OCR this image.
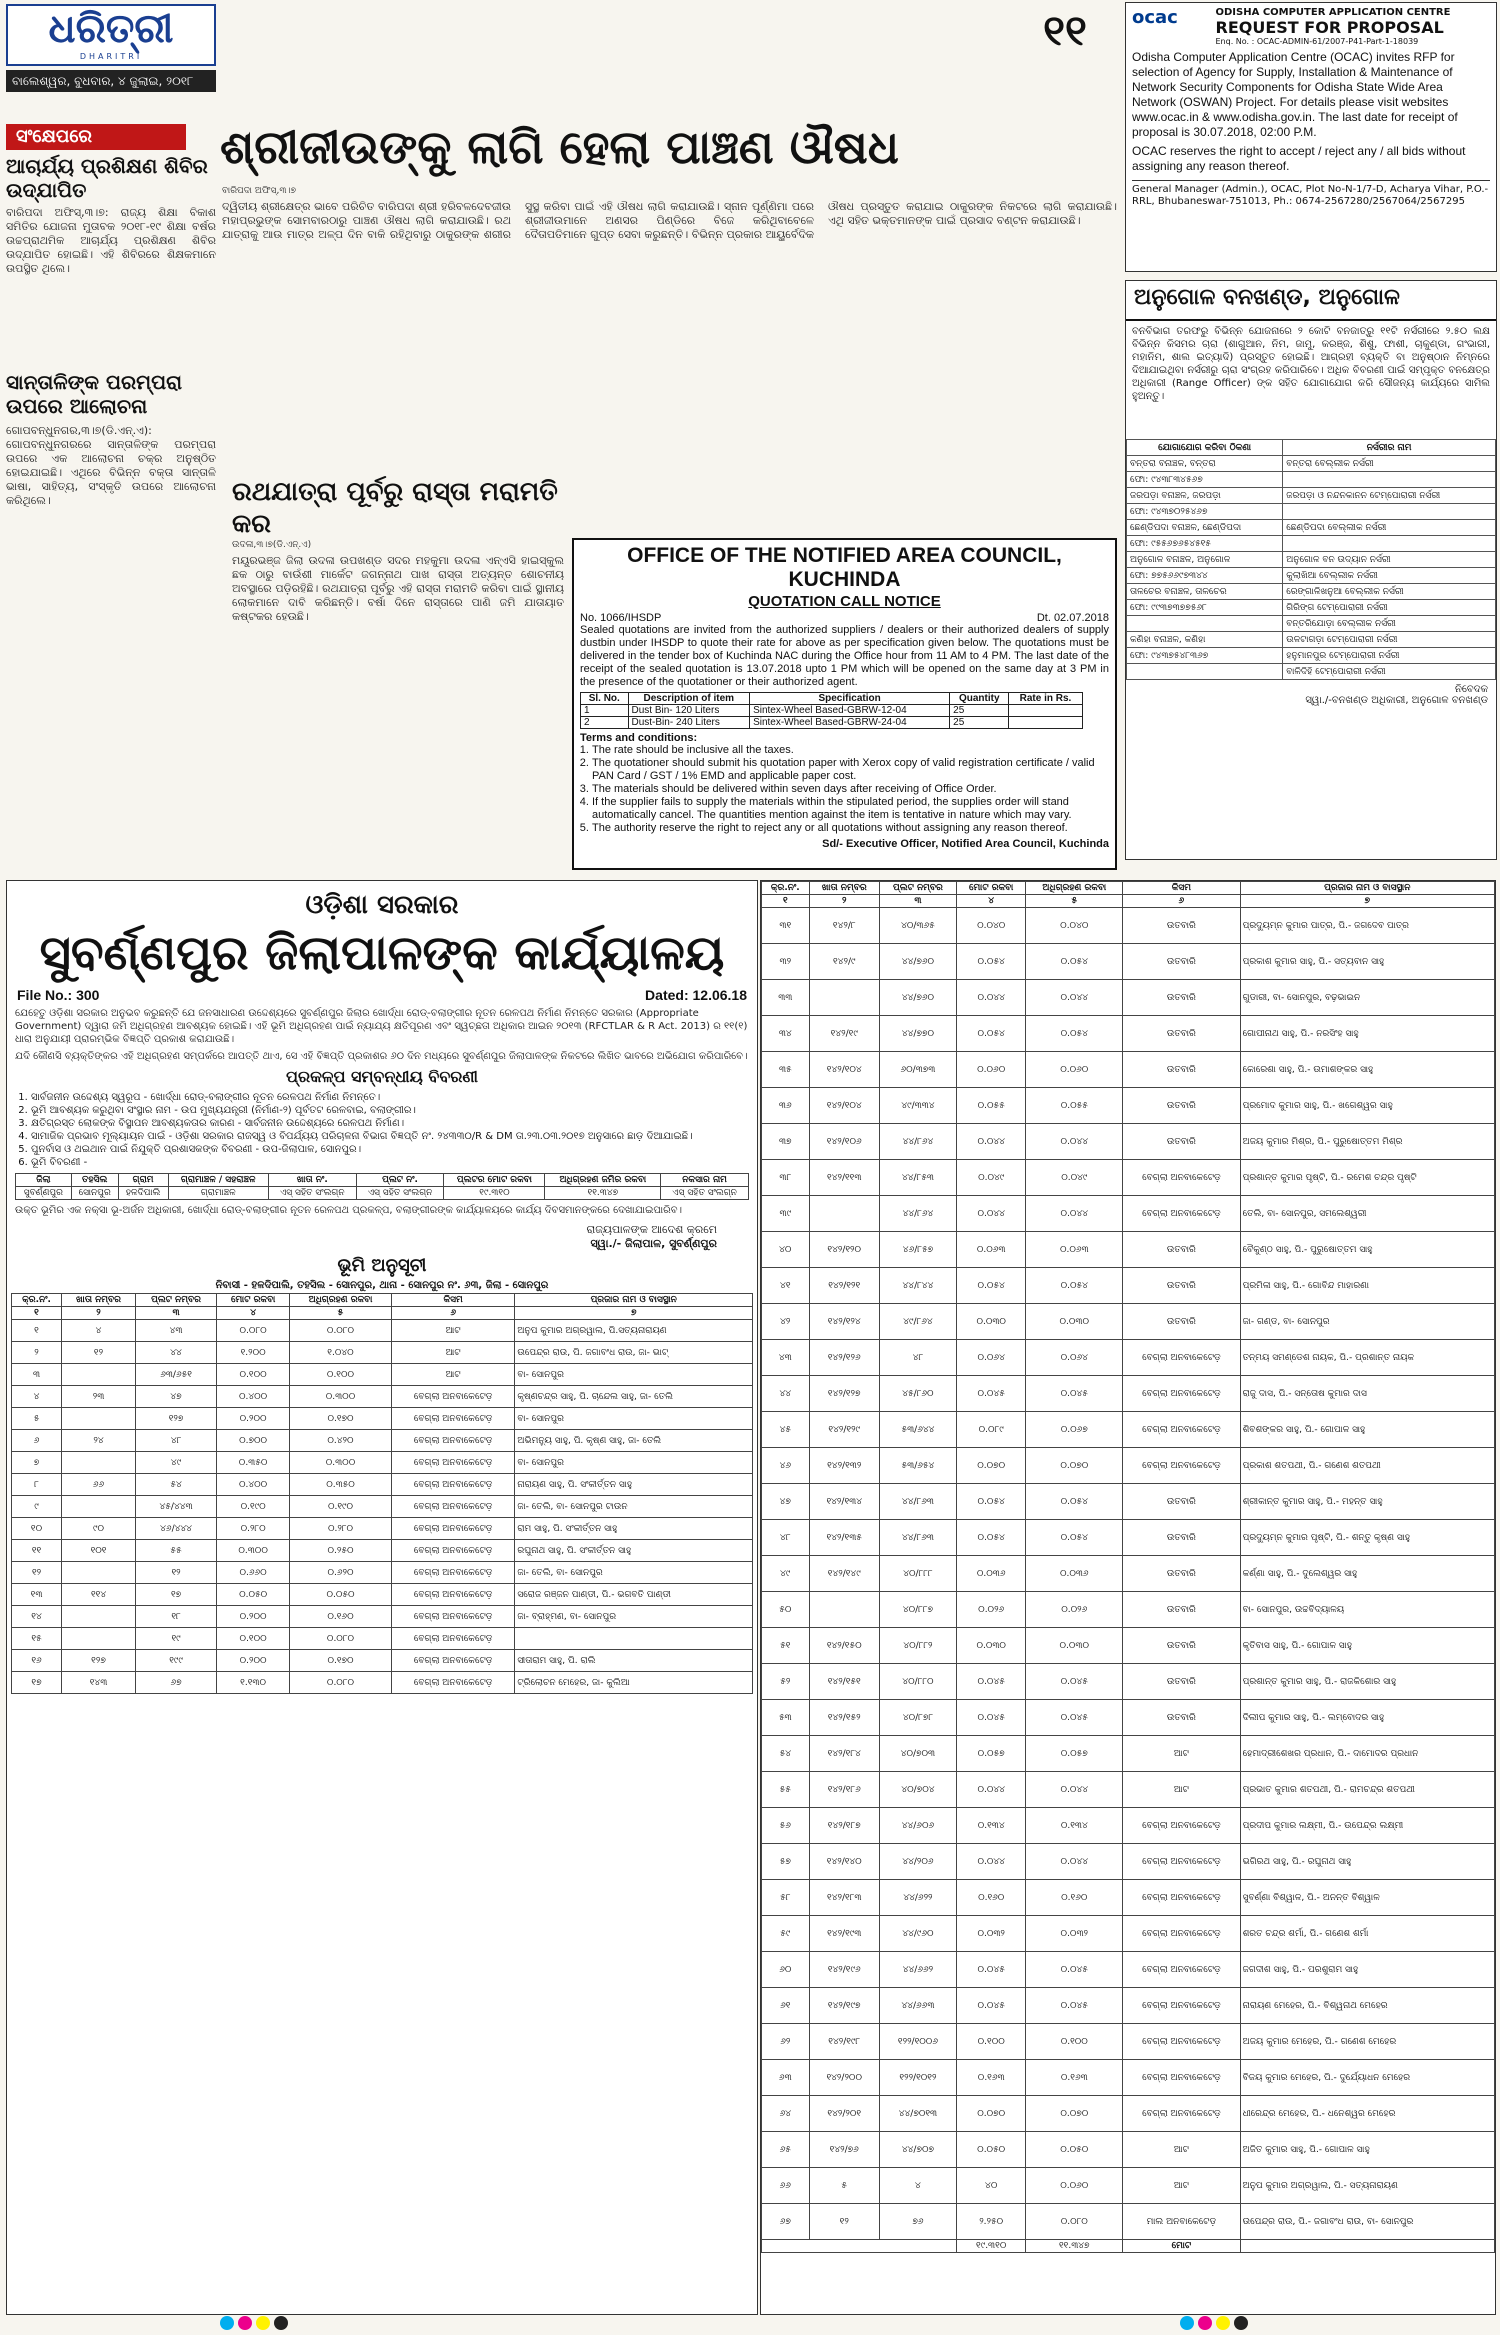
ଧରିତ୍ରୀ
DHARITRI
ବାଲେଶ୍ୱର, ବୁଧବାର, ୪ ଜୁଲାଇ, ୨୦୧୮
୧୧	ocac	ODISHA COMPUTER APPLICATION CENTRE
REQUEST FOR PROPOSAL
Enq. No. : OCAC-ADMIN-61/2007-P41-Part-1-18039

Odisha Computer Application Centre (OCAC) invites RFP for selection of Agency for Supply, Installation & Maintenance of Network Security Components for Odisha State Wide Area Network (OSWAN) Project. For details please visit websites www.ocac.in & www.odisha.gov.in. The last date for receipt of proposal is 30.07.2018, 02:00 P.M.

OCAC reserves the right to accept / reject any / all bids without assigning any reason thereof.

General Manager (Admin.), OCAC, Plot No-N-1/7-D, Acharya Vihar, P.O.-RRL, Bhubaneswar-751013, Ph.: 0674-2567280/2567064/2567295
ସଂକ୍ଷେପରେ	ଶ୍ରୀଜୀଉଙ୍କୁ ଲାଗି ହେଲା ପାଞ୍ଚଣ ଔଷଧ
ଆଚାର୍ଯ୍ୟ ପ୍ରଶିକ୍ଷଣ ଶିବିର ଉଦ୍‌ଯାପିତ
ବାରିପଦା ଅଫିସ୍‌,୩।୭: ରାଜ୍ୟ ଶିକ୍ଷା ବିକାଶ ସମିତିର ଯୋଜନା ମୁତାବକ ୨୦୧୮-୧୯ ଶିକ୍ଷା ବର୍ଷର ଉଚ୍ଚପ୍ରାଥମିକ ଆଚାର୍ଯ୍ୟ ପ୍ରଶିକ୍ଷଣ ଶିବିର ଉଦ୍‌ଯାପିତ ହୋଇଛି। ଏହି ଶିବିରରେ ଶିକ୍ଷକମାନେ ଉପସ୍ଥିତ ଥିଲେ।
ସାନ୍ତାଳିଙ୍କ ପରମ୍ପରା ଉପରେ ଆଲୋଚନା
ଗୋପବନ୍ଧୁନଗର,୩।୭(ଡି.ଏନ୍‌.ଏ): ଗୋପବନ୍ଧୁନଗରରେ ସାନ୍ତାଳିଙ୍କ ପରମ୍ପରା ଉପରେ ଏକ ଆଲୋଚନା ଚକ୍ର ଅନୁଷ୍ଠିତ ହୋଇଯାଇଛି। ଏଥିରେ ବିଭିନ୍ନ ବକ୍ତା ସାନ୍ତାଳି ଭାଷା, ସାହିତ୍ୟ, ସଂସ୍କୃତି ଉପରେ ଆଲୋଚନା କରିଥିଲେ।
ବାରିପଦା ଅଫିସ୍‌,୩।୭
ଦ୍ୱିତୀୟ ଶ୍ରୀକ୍ଷେତ୍ର ଭାବେ ପରିଚିତ ବାରିପଦା ଶ୍ରୀ ହରିବଳଦେବଜୀଉ ମହାପ୍ରଭୁଙ୍କ ସୋମବାରଠାରୁ ପାଞ୍ଚଣ ଔଷଧ ଲାଗି କରାଯାଉଛି। ରଥ ଯାତ୍ରାକୁ ଆଉ ମାତ୍ର ଅଳ୍ପ ଦିନ ବାକି ରହିଥିବାରୁ ଠାକୁରଙ୍କ ଶରୀର ସୁସ୍ଥ କରିବା ପାଇଁ ଏହି ଔଷଧ ଲାଗି କରାଯାଉଛି। ସ୍ନାନ ପୂର୍ଣ୍ଣିମା ପରେ ଶ୍ରୀଜୀଉମାନେ ଅଣସର ପିଣ୍ଡିରେ ବିଜେ କରିଥିବାବେଳେ ଦୈତାପତିମାନେ ଗୁପ୍ତ ସେବା କରୁଛନ୍ତି। ବିଭିନ୍ନ ପ୍ରକାର ଆୟୁର୍ବେଦିକ ଔଷଧ ପ୍ରସ୍ତୁତ କରାଯାଇ ଠାକୁରଙ୍କ ନିକଟରେ ଲାଗି କରାଯାଉଛି। ଏଥି ସହିତ ଭକ୍ତମାନଙ୍କ ପାଇଁ ପ୍ରସାଦ ବଣ୍ଟନ କରାଯାଉଛି।
ରଥଯାତ୍ରା ପୂର୍ବରୁ ରାସ୍ତା ମରାମତି କର
ଉଦଳା,୩।୭(ଡି.ଏନ୍‌.ଏ)
ମୟୂରଭଞ୍ଜ ଜିଲା ଉଦଳା ଉପଖଣ୍ଡ ସଦର ମହକୁମା ଉଦଳା ଏନ୍‌ଏସି ହାଇସ୍କୁଲ ଛକ ଠାରୁ ବାଉଁଶୀ ମାର୍କେଟ ଜଗନ୍ନାଥ ପାଖ ରାସ୍ତା ଅତ୍ୟନ୍ତ ଶୋଚନୀୟ ଅବସ୍ଥାରେ ପଡ଼ିରହିଛି। ରଥଯାତ୍ରା ପୂର୍ବରୁ ଏହି ରାସ୍ତା ମରାମତି କରିବା ପାଇଁ ସ୍ଥାନୀୟ ଲୋକମାନେ ଦାବି କରିଛନ୍ତି। ବର୍ଷା ଦିନେ ରାସ୍ତାରେ ପାଣି ଜମି ଯାତାୟାତ କଷ୍ଟକର ହେଉଛି।
OFFICE OF THE NOTIFIED AREA COUNCIL, KUCHINDA
QUOTATION CALL NOTICE
No. 1066/IHSDP	Dt. 02.07.2018

Sealed quotations are invited from the authorized suppliers / dealers or their authorized dealers of supply dustbin under IHSDP to quote their rate for above as per specification given below. The quotations must be delivered in the tender box of Kuchinda NAC during the Office hour from 11 AM to 4 PM. The last date of the receipt of the sealed quotation is 13.07.2018 upto 1 PM which will be opened on the same day at 3 PM in the presence of the quotationer or their authorized agent.

Sl. No.	Description of item	Specification	Quantity	Rate in Rs.
1	Dust Bin- 120 Liters	Sintex-Wheel Based-GBRW-12-04	25	
2	Dust-Bin- 240 Liters	Sintex-Wheel Based-GBRW-24-04	25	
Terms and conditions:
1. The rate should be inclusive all the taxes.
2. The quotationer should submit his quotation paper with Xerox copy of valid registration certificate / valid PAN Card / GST / 1% EMD and applicable paper cost.
3. The materials should be delivered within seven days after receiving of Office Order.
4. If the supplier fails to supply the materials within the stipulated period, the supplies order will stand automatically cancel. The quantities mention against the item is tentative in nature which may vary.
5. The authority reserve the right to reject any or all quotations without assigning any reason thereof.
Sd/- Executive Officer, Notified Area Council, Kuchinda
ଅନୁଗୋଳ ବନଖଣ୍ଡ, ଅନୁଗୋଳ
ବନବିଭାଗ ତରଫରୁ ବିଭିନ୍ନ ଯୋଜନାରେ ୨ କୋଟି ବନଜାତ୍ରୁ ୧୧ଟି ନର୍ସରୀରେ ୨.୫୦ ଲକ୍ଷ ବିଭିନ୍ନ କିସମର ଚାରା (ଶାଗୁଆନ, ନିମ, ଜାମୁ, କରଞ୍ଜ, ଶିଶୁ, ଫାଶୀ, ଚାକୁଣ୍ଡା, ଗଂଭାରୀ, ମହାନିମ, ଶାଲ ଇତ୍ୟାଦି) ପ୍ରସ୍ତୁତ ହୋଇଛି। ଆଗ୍ରହୀ ବ୍ୟକ୍ତି ବା ଅନୁଷ୍ଠାନ ନିମ୍ନରେ ଦିଆଯାଇଥିବା ନର୍ସରୀରୁ ଚାରା ସଂଗ୍ରହ କରିପାରିବେ। ଅଧିକ ବିବରଣୀ ପାଇଁ ସମ୍ପୃକ୍ତ ବନକ୍ଷେତ୍ର ଅଧିକାରୀ (Range Officer) ଙ୍କ ସହିତ ଯୋଗାଯୋଗ କରି ସୌଜନ୍ୟ କାର୍ଯ୍ୟରେ ସାମିଲ ହୁଅନ୍ତୁ।
ଯୋଗାଯୋଗ କରିବା ଠିକଣା	ନର୍ସରୀର ନାମ
ବନ୍ତରା ବନାଞ୍ଚଳ, ବନ୍ତରା	ବନ୍ତରା ବେଲ୍ଲୀକ ନର୍ସରୀ
ଫୋ: ୯୪୩୮୩୪୫୬୭	
ଜରପଡ଼ା ବନାଞ୍ଚଳ, ଜରପଡ଼ା	ଜରପଡ଼ା ଓ ନନ୍ଦନକାନନ ଟେମ୍ପୋରାରୀ ନର୍ସରୀ
ଫୋ: ୯୪୩୭୦୨୫୪୬୭	
ଛେଣ୍ଡିପଦା ବନାଞ୍ଚଳ, ଛେଣ୍ଡିପଦା	ଛେଣ୍ଡିପଦା ବେଲ୍ଲୀକ ନର୍ସରୀ
ଫୋ: ୯୫୫୬୭୬୫୪୫୧୫	
ଅନୁଗୋଳ ବନାଞ୍ଚଳ, ଅନୁଗୋଳ	ଅନୁଗୋଳ ବନ ଉଦ୍ୟାନ ନର୍ସରୀ
ଫୋ: ୭୭୫୬୬୯୭୩୪୪	କୁଲାଖିଆ ବେଲ୍ଲୀକ ନର୍ସରୀ
ତାଳଚେର ବନାଞ୍ଚଳ, ତାଳଚେର	ରେଙ୍ଗାଳିଖନୁଆ ବେଲ୍ଲୀକ ନର୍ସରୀ
ଫୋ: ୯୯୩୭୩୭୭୫୬୮	ଗିରିଙ୍ଗ ଟେମ୍ପୋରାରୀ ନର୍ସରୀ
	ବନ୍ତରିଯୋଡ଼ା ବେଲ୍ଲୀକ ନର୍ସରୀ
କଣିହା ବନାଞ୍ଚଳ, କଣିହା	ଉଳଟାଗଡ଼ା ଟେମ୍ପୋରାରୀ ନର୍ସରୀ
ଫୋ: ୯୪୩୭୫୪୮୩୬୭	ହନୁମାନପୁର ଟେମ୍ପୋରାରୀ ନର୍ସରୀ
	ବାଳିଦିହି ଟେମ୍ପୋରାରୀ ନର୍ସରୀ
ନିବେଦକ
ସ୍ୱା./-ବନଖଣ୍ଡ ଅଧିକାରୀ, ଅନୁଗୋଳ ବନଖଣ୍ଡ
ଓଡ଼ିଶା ସରକାର
ସୁବର୍ଣ୍ଣପୁର ଜିଲାପାଳଙ୍କ କାର୍ଯ୍ୟାଳୟ
File No.: 300	Dated: 12.06.18
ଯେହେତୁ ଓଡ଼ିଶା ସରକାର ଅନୁଭବ କରୁଛନ୍ତି ଯେ ଜନସାଧାରଣ ଉଦ୍ଦେଶ୍ୟରେ ସୁବର୍ଣ୍ଣପୁର ଜିଲାର ଖୋର୍ଦ୍ଧା ରୋଡ୍‌-ବଲାଙ୍ଗୀର ନୂତନ ରେଳପଥ ନିର୍ମାଣ ନିମନ୍ତେ ସରକାର (Appropriate Government) ଦ୍ୱାରା ଜମି ଅଧିଗ୍ରହଣ ଆବଶ୍ୟକ ହୋଇଛି। ଏହି ଭୂମି ଅଧିଗ୍ରହଣ ପାଇଁ ନ୍ୟାଯ୍ୟ କ୍ଷତିପୂରଣ ଏବଂ ସ୍ୱଚ୍ଛତା ଅଧିକାର ଆଇନ ୨୦୧୩ (RFCTLAR & R Act. 2013) ର ୧୧(୧) ଧାରା ଅନୁଯାୟୀ ପ୍ରାରମ୍ଭିକ ବିଜ୍ଞପ୍ତି ପ୍ରକାଶ କରାଯାଉଛି।
ଯଦି କୌଣସି ବ୍ୟକ୍ତିଙ୍କର ଏହି ଅଧିଗ୍ରହଣ ସମ୍ପର୍କରେ ଆପତ୍ତି ଥାଏ, ସେ ଏହି ବିଜ୍ଞପ୍ତି ପ୍ରକାଶର ୬୦ ଦିନ ମଧ୍ୟରେ ସୁବର୍ଣ୍ଣପୁର ଜିଲାପାଳଙ୍କ ନିକଟରେ ଲିଖିତ ଭାବରେ ଅଭିଯୋଗ କରିପାରିବେ।
ପ୍ରକଳ୍ପ ସମ୍ବନ୍ଧୀୟ ବିବରଣୀ
1. ସାର୍ବଜନୀନ ଉଦ୍ଦେଶ୍ୟ ସ୍ୱରୂପ - ଖୋର୍ଦ୍ଧା ରୋଡ୍‌-ବଲାଙ୍ଗୀର ନୂତନ ରେଳପଥ ନିର୍ମାଣ ନିମନ୍ତେ।
2. ଭୂମି ଆବଶ୍ୟକ କରୁଥିବା ସଂସ୍ଥାର ନାମ - ଉପ ମୁଖ୍ୟଯନ୍ତ୍ରୀ (ନିର୍ମାଣ-୨) ପୂର୍ବତଟ ରେଳବାଇ, ବଲାଙ୍ଗୀର।
3. କ୍ଷତିଗ୍ରସ୍ତ ଲୋକଙ୍କ ବିସ୍ଥାପନ ଆବଶ୍ୟକତାର କାରଣ - ସାର୍ବଜନୀନ ଉଦ୍ଦେଶ୍ୟରେ ରେଳପଥ ନିର୍ମାଣ।
4. ସାମାଜିକ ପ୍ରଭାବ ମୂଲ୍ୟାୟନ ପାଇଁ - ଓଡ଼ିଶା ସରକାର ରାଜସ୍ୱ ଓ ବିପର୍ଯ୍ୟୟ ପରିଚାଳନା ବିଭାଗ ବିଜ୍ଞପ୍ତି ନଂ. ୨୪୩୩୦/R & DM ତା.୨୩.୦୩.୨୦୧୭ ଅନୁସାରେ ଛାଡ଼ ଦିଆଯାଇଛି।
5. ପୁନର୍ବାସ ଓ ଥଇଥାନ ପାଇଁ ନିଯୁକ୍ତି ପ୍ରଶାସକଙ୍କ ବିବରଣୀ - ଉପ-ଜିଲାପାଳ, ସୋନପୁର।
6. ଭୂମି ବିବରଣୀ -
ଜିଲା	ତହସିଲ	ଗ୍ରାମ	ଗ୍ରାମାଞ୍ଚଳ / ସହରାଞ୍ଚଳ	ଖାତା ନଂ.	ପ୍ଲଟ ନଂ.	ପ୍ଲଟର ମୋଟ ରକବା	ଅଧିଗ୍ରହଣ ଜମିର ରକବା	ନକସାର ନାମ
ସୁବର୍ଣ୍ଣପୁର	ସୋନପୁର	ହଳଦିପାଲି	ଗ୍ରାମାଞ୍ଚଳ	ଏସ୍ ସହିତ ସଂଲଗ୍ନ	ଏସ୍ ସହିତ ସଂଲଗ୍ନ	୧୯.୩୧୦	୧୧.୩୪୭	ଏସ୍ ସହିତ ସଂଲଗ୍ନ
ଉକ୍ତ ଭୂମିର ଏକ ନକ୍ସା ଭୂ-ଅର୍ଜନ ଅଧିକାରୀ, ଖୋର୍ଦ୍ଧା ରୋଡ୍‌-ବଲାଙ୍ଗୀର ନୂତନ ରେଳପଥ ପ୍ରକଳ୍ପ, ବଲାଙ୍ଗୀରଙ୍କ କାର୍ଯ୍ୟାଳୟରେ କାର୍ଯ୍ୟ ଦିବସମାନଙ୍କରେ ଦେଖାଯାଇପାରିବ।
ରାଜ୍ୟପାଳଙ୍କ ଆଦେଶ କ୍ରମେ
ସ୍ୱା./- ଜିଲାପାଳ, ସୁବର୍ଣ୍ଣପୁର
ଭୂମି ଅନୁସୂଚୀ
ନିବାସୀ - ହଳଦିପାଲି, ତହସିଲ - ସୋନପୁର, ଥାନା - ସୋନପୁର ନଂ. ୬୩, ଜିଲା - ସୋନପୁର
କ୍ର.ନଂ.	ଖାତା ନମ୍ବର	ପ୍ଲଟ ନମ୍ବର	ମୋଟ ରକବା	ଅଧିଗ୍ରହଣ ରକବା	କିସମ	ପ୍ରଜାର ନାମ ଓ ବାସସ୍ଥାନ
୧	୨	୩	୪	୫	୬	୭
୧	୪	୪୩	୦.୦୮୦	୦.୦୮୦	ଆଟ	ଅନୁପ କୁମାର ଅଗ୍ରୱାଲ, ପି.ସତ୍ୟନାରାୟଣ
୨	୧୨	୪୪	୧.୨୦୦	୧.୦୪୦	ଆଟ	ଉପେନ୍ଦ୍ର ରାଉ, ପି. ଜଗାବଂଧ ରାଉ, ଜା- ଭାଟ୍
୩		୬୩/୬୫୧	୦.୧୦୦	୦.୧୦୦	ଆଟ	ବା- ସୋନପୁର
୪	୨୩	୪୭	୦.୪୦୦	୦.୩୦୦	ବେଗ୍ଲା ଅନବାକେଟେଡ଼	କୃଷ୍ଣଚନ୍ଦ୍ର ସାହୁ, ପି. ଚାନ୍ଦେଲ ସାହୁ, ଜା- ତେଲି
୫		୧୨୭	୦.୨୦୦	୦.୧୭୦	ବେଗ୍ଲା ଅନବାକେଟେଡ଼	ବା- ସୋନପୁର
୬	୨୪	୪୮	୦.୭୦୦	୦.୪୨୦	ବେଗ୍ଲା ଅନବାକେଟେଡ଼	ଅଭିମନ୍ୟୁ ସାହୁ, ପି. କୃଷ୍ଣ ସାହୁ, ଜା- ତେଲି
୭		୪୯	୦.୩୫୦	୦.୩୦୦	ବେଗ୍ଲା ଅନବାକେଟେଡ଼	ବା- ସୋନପୁର
୮	୬୬	୫୪	୦.୪୦୦	୦.୩୫୦	ବେଗ୍ଲା ଅନବାକେଟେଡ଼	ନାରାୟଣ ସାହୁ, ପି. ସଂକୀର୍ତ୍ତନ ସାହୁ
୯		୪୫/୪୪୩	୦.୧୯୦	୦.୧୯୦	ବେଗ୍ଲା ଅନବାକେଟେଡ଼	ଜା- ତେଲି, ବା- ସୋନପୁର ଟାଉନ
୧୦	୯୦	୪୬/୪୪୪	୦.୨୮୦	୦.୨୮୦	ବେଗ୍ଲା ଅନବାକେଟେଡ଼	ରାମ ସାହୁ, ପି. ସଂକୀର୍ତ୍ତନ ସାହୁ
୧୧	୧୦୧	୫୫	୦.୩୦୦	୦.୨୫୦	ବେଗ୍ଲା ଅନବାକେଟେଡ଼	ରଘୁନାଥ ସାହୁ, ପି. ସଂକୀର୍ତ୍ତନ ସାହୁ
୧୨		୧୨	୦.୬୬୦	୦.୬୨୦	ବେଗ୍ଲା ଅନବାକେଟେଡ଼	ଜା- ତେଲି, ବା- ସୋନପୁର
୧୩	୧୧୪	୧୭	୦.୦୫୦	୦.୦୫୦	ବେଗ୍ଲା ଅନବାକେଟେଡ଼	ସରୋଜ ରଞ୍ଜନ ପାଣ୍ଡୀ, ପି.- ଭଗବତି ପାଣ୍ଡୀ
୧୪		୧୮	୦.୨୦୦	୦.୧୬୦	ବେଗ୍ଲା ଅନବାକେଟେଡ଼	ଜା- ବ୍ରାହ୍ମଣ, ବା- ସୋନପୁର
୧୫		୧୯	୦.୧୦୦	୦.୦୮୦	ବେଗ୍ଲା ଅନବାକେଟେଡ଼	
୧୬	୧୨୭	୧୯୯	୦.୨୦୦	୦.୧୭୦	ବେଗ୍ଲା ଅନବାକେଟେଡ଼	ସୀତାରାମ ସାହୁ, ପି. ରାଲି
୧୭	୧୪୩	୬୭	୧.୧୩୦	୦.୦୮୦	ବେଗ୍ଲା ଅନବାକେଟେଡ଼	ଟ୍ରିଲୋଚନ ମେହେର, ଜା- କୁଲିଆ
କ୍ର.ନଂ.	ଖାତା ନମ୍ବର	ପ୍ଲଟ ନମ୍ବର	ମୋଟ ରକବା	ଅଧିଗ୍ରହଣ ରକବା	କିସମ	ପ୍ରଜାର ନାମ ଓ ବାସସ୍ଥାନ
୧	୨	୩	୪	୫	୬	୭
୩୧	୧୪୨/୮	୪୦/୩୬୫	୦.୦୪୦	୦.୦୪୦	ଉତବାରି	ପ୍ରଦ୍ୟୁମ୍ନ କୁମାର ପାତ୍ର, ପି.- ଜଗଦେବ ପାତ୍ର
୩୨	୧୪୨/୯	୪୪/୭୬୦	୦.୦୫୪	୦.୦୫୪	ଉତବାରି	ପ୍ରକାଶ କୁମାର ସାହୁ, ପି.- ସତ୍ୟବାନ ସାହୁ
୩୩		୪୪/୭୬୦	୦.୦୪୪	୦.୦୪୪	ଉତବାରି	ଗୁଡାରୀ, ବା- ସୋନପୁର, ବଢ଼ଭାଇନ
୩୪	୧୪୨/୧୯	୪୪/୭୭୦	୦.୦୫୪	୦.୦୫୪	ଉତବାରି	ଗୋପୀନାଥ ସାହୁ, ପି.- ନରସିଂହ ସାହୁ
୩୫	୧୪୨/୧୦୪	୬୦/୩୭୩	୦.୦୬୦	୦.୦୬୦	ଉତବାରି	କୋରେଶା ସାହୁ, ପି.- ଉମାଶଙ୍କର ସାହୁ
୩୬	୧୪୨/୧୦୪	୪୯/୩୩୪	୦.୦୫୫	୦.୦୫୫	ଉତବାରି	ପ୍ରମୋଦ କୁମାର ସାହୁ, ପି.- ଖଗେଶ୍ୱର ସାହୁ
୩୭	୧୪୨/୧୦୬	୪୪/୮୬୪	୦.୦୪୪	୦.୦୪୪	ଉତବାରି	ଅଜୟ କୁମାର ମିଶ୍ର, ପି.- ପୁରୁଷୋତ୍ତମ ମିଶ୍ର
୩୮	୧୪୨/୧୧୩	୪୪/୮୫୩	୦.୦୪୯	୦.୦୪୯	ବେଗ୍ଲା ଅନବାକେଟେଡ଼	ପ୍ରଶାନ୍ତ କୁମାର ପୃଷ୍ଟି, ପି.- ରମେଶ ଚନ୍ଦ୍ର ପୃଷ୍ଟି
୩୯		୪୪/୮୬୪	୦.୦୪୪	୦.୦୪୪	ବେଗ୍ଲା ଅନବାକେଟେଡ଼	ତେଲି, ବା- ସୋନପୁର, ସମଲେଶ୍ୱରୀ
୪୦	୧୪୨/୧୨୦	୪୬/୮୫୭	୦.୦୬୩	୦.୦୬୩	ଉତବାରି	ବୈକୁଣ୍ଠ ସାହୁ, ପି.- ପୁରୁଷୋତ୍ତମ ସାହୁ
୪୧	୧୪୨/୧୨୧	୪୪/୮୪୪	୦.୦୫୪	୦.୦୫୪	ଉତବାରି	ପ୍ରମିଳା ସାହୁ, ପି.- ଗୋବିନ୍ଦ ମାହାରଣା
୪୨	୧୪୨/୧୨୪	୪୯/୮୬୪	୦.୦୩୦	୦.୦୩୦	ଉତବାରି	ଜା- ଗଣ୍ଡ, ବା- ସୋନପୁର
୪୩	୧୪୨/୧୨୬	୪୮	୦.୦୬୪	୦.୦୬୪	ବେଗ୍ଲା ଅନବାକେଟେଡ଼	ତନ୍ମୟ ସମଣ୍ଡେଶ ନାୟକ, ପି.- ପ୍ରଶାନ୍ତ ନାୟକ
୪୪	୧୪୨/୧୨୭	୪୫/୮୬୦	୦.୦୪୫	୦.୦୪୫	ବେଗ୍ଲା ଅନବାକେଟେଡ଼	ରାଜୁ ଦାସ, ପି.- ସନ୍ତୋଷ କୁମାର ଦାସ
୪୫	୧୪୨/୧୨୯	୫୩/୬୪୪	୦.୦୮୯	୦.୦୬୭	ବେଗ୍ଲା ଅନବାକେଟେଡ଼	ଶିବଶଙ୍କର ସାହୁ, ପି.- ଗୋପାଳ ସାହୁ
୪୬	୧୪୨/୧୩୨	୫୩/୬୫୪	୦.୦୭୦	୦.୦୭୦	ବେଗ୍ଲା ଅନବାକେଟେଡ଼	ପ୍ରକାଶ ଶତପଥୀ, ପି.- ଗଣେଶ ଶତପଥୀ
୪୭	୧୪୨/୧୩୪	୪୪/୮୬୩	୦.୦୫୪	୦.୦୫୪	ଉତବାରି	ଶ୍ରୀକାନ୍ତ କୁମାର ସାହୁ, ପି.- ମହନ୍ତ ସାହୁ
୪୮	୧୪୨/୧୩୫	୪୪/୮୬୩	୦.୦୫୪	୦.୦୫୪	ଉତବାରି	ପ୍ରଦ୍ୟୁମ୍ନ କୁମାର ପୃଷ୍ଟି, ପି.- ଶନ୍ତୁ କୃଷ୍ଣ ସାହୁ
୪୯	୧୪୨/୧୪୯	୪୦/୮୮୮	୦.୦୩୬	୦.୦୩୬	ଉତବାରି	କର୍ଣ୍ଣା ସାହୁ, ପି.- ଦୁଲେଶ୍ୱର ସାହୁ
୫୦		୪୦/୮୮୭	୦.୦୨୬	୦.୦୨୬	ଉତବାରି	ବା- ସୋନପୁର, ଉଚ୍ଚବିଦ୍ୟାଳୟ
୫୧	୧୪୨/୧୫୦	୪୦/୮୮୨	୦.୦୩୦	୦.୦୩୦	ଉତବାରି	କୃତିବାସ ସାହୁ, ପି.- ଗୋପାଳ ସାହୁ
୫୨	୧୪୨/୧୫୧	୪୦/୮୮୦	୦.୦୪୫	୦.୦୪୫	ଉତବାରି	ପ୍ରଶାନ୍ତ କୁମାର ସାହୁ, ପି.- ରାଜକିଶୋର ସାହୁ
୫୩	୧୪୨/୧୫୨	୪୦/୮୭୮	୦.୦୪୫	୦.୦୪୫	ଉତବାରି	ଦିଲୀପ କୁମାର ସାହୁ, ପି.- ଲମ୍ବୋଦର ସାହୁ
୫୪	୧୪୨/୧୮୪	୪୦/୭୦୩	୦.୦୫୭	୦.୦୫୭	ଆଟ	ହେମାଦ୍ରୀଶେଖର ପ୍ରଧାନ, ପି.- ଦାମୋଦର ପ୍ରଧାନ
୫୫	୧୪୨/୧୮୬	୪୦/୭୦୪	୦.୦୪୪	୦.୦୪୪	ଆଟ	ପ୍ରଭାତ କୁମାର ଶତପଥୀ, ପି.- ରାମଚନ୍ଦ୍ର ଶତପଥୀ
୫୬	୧୪୨/୧୮୭	୪୪/୬୦୬	୦.୧୩୪	୦.୧୩୪	ବେଗ୍ଲା ଅନବାକେଟେଡ଼	ପ୍ରଦୀପ କୁମାର ଲକ୍ଷ୍ମୀ, ପି.- ଉପେନ୍ଦ୍ର ଲକ୍ଷ୍ମୀ
୫୭	୧୪୨/୧୪୦	୪୪/୨୦୬	୦.୦୪୪	୦.୦୪୪	ବେଗ୍ଲା ଅନବାକେଟେଡ଼	ଭଗିରଥ ସାହୁ, ପି.- ରଘୁନାଥ ସାହୁ
୫୮	୧୪୨/୧୮୩	୪୪/୬୨୨	୦.୧୬୦	୦.୧୬୦	ବେଗ୍ଲା ଅନବାକେଟେଡ଼	ସୁବର୍ଣ୍ଣା ବିଶ୍ୱାଳ, ପି.- ଅନନ୍ତ ବିଶ୍ୱାଳ
୫୯	୧୪୨/୧୯୩	୪୪/୯୬୦	୦.୦୩୨	୦.୦୩୨	ବେଗ୍ଲା ଅନବାକେଟେଡ଼	ଶରତ ଚନ୍ଦ୍ର ଶର୍ମା, ପି.- ଗଣେଶ ଶର୍ମା
୬୦	୧୪୨/୧୯୬	୪୪/୬୬୨	୦.୦୪୫	୦.୦୪୫	ବେଗ୍ଲା ଅନବାକେଟେଡ଼	ଜଗଦୀଶ ସାହୁ, ପି.- ପରଶୁରାମ ସାହୁ
୬୧	୧୪୨/୧୯୭	୪୪/୬୬୩	୦.୦୪୫	୦.୦୪୫	ବେଗ୍ଲା ଅନବାକେଟେଡ଼	ନାରାୟଣ ମେହେର, ପି.- ବିଶ୍ୱନାଥ ମେହେର
୬୨	୧୪୨/୧୯୮	୧୨୨/୧୦୦୬	୦.୧୦୦	୦.୧୦୦	ବେଗ୍ଲା ଅନବାକେଟେଡ଼	ଅଜୟ କୁମାର ମେହେର, ପି.- ଗଣେଶ ମେହେର
୬୩	୧୪୨/୨୦୦	୧୨୨/୧୦୧୨	୦.୧୬୩	୦.୧୬୩	ବେଗ୍ଲା ଅନବାକେଟେଡ଼	ବିଜୟ କୁମାର ମେହେର, ପି.- ଦୁର୍ଯ୍ୟୋଧନ ମେହେର
୬୪	୧୪୨/୨୦୧	୪୪/୭୦୧୩	୦.୦୭୦	୦.୦୭୦	ବେଗ୍ଲା ଅନବାକେଟେଡ଼	ଧୀରେନ୍ଦ୍ର ମେହେର, ପି.- ଧନେଶ୍ୱର ମେହେର
୬୫	୧୪୨/୭୬	୪୪/୭୦୭	୦.୦୫୦	୦.୦୫୦	ଆଟ	ଅଜିତ କୁମାର ସାହୁ, ପି.- ଗୋପାଳ ସାହୁ
୬୬	୫	୪	୪୦	୦.୦୬୦	ଆଟ	ଅନୁପ କୁମାର ଅଗ୍ରୱାଲ, ପି.- ସତ୍ୟନାରାୟଣ
୬୭	୧୨	୭୬	୨.୨୫୦	୦.୦୮୦	ମାଲ ଅନବାକେଟେଡ଼	ଉପେନ୍ଦ୍ର ରାଉ, ପି.- ଜଗାବଂଧ ରାଉ, ବା- ସୋନପୁର
			୧୯.୩୧୦	୧୧.୩୪୭	ମୋଟ	
